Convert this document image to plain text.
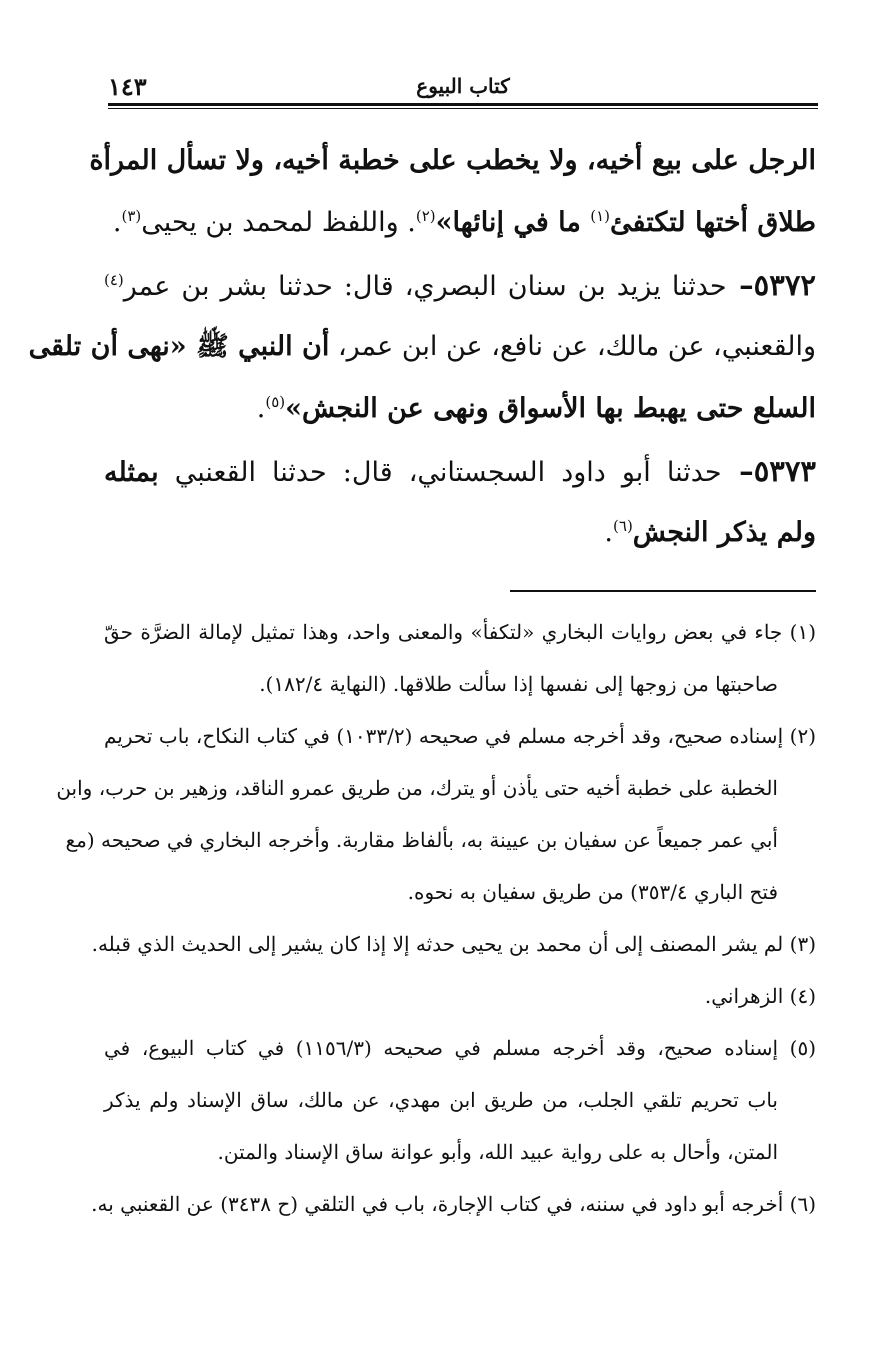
كتاب البيوع
١٤٣
الرجل على بيع أخيه، ولا يخطب على خطبة أخيه، ولا تسأل المرأة
طلاق أختها لتكتفئ$^{(١)}$ ما في إنائها»$^{(٢)}$. واللفظ لمحمد بن يحيى$^{(٣)}$.
٥٣٧٢– حدثنا يزيد بن سنان البصري، قال: حدثنا بشر بن عمر$^{(٤)}$
والقعنبي، عن مالك، عن نافع، عن ابن عمر، أن النبي ﷺ «نهى أن تلقى
السلع حتى يهبط بها الأسواق ونهى عن النجش»$^{(٥)}$.
٥٣٧٣– حدثنا أبو داود السجستاني، قال: حدثنا القعنبي بمثله
ولم يذكر النجش$^{(٦)}$.
(١) جاء في بعض روايات البخاري «لتكفأ» والمعنى واحد، وهذا تمثيل لإمالة الضرَّة حقّ
صاحبتها من زوجها إلى نفسها إذا سألت طلاقها. (النهاية ١٨٢/٤).
(٢) إسناده صحيح، وقد أخرجه مسلم في صحيحه (١٠٣٣/٢) في كتاب النكاح، باب تحريم
الخطبة على خطبة أخيه حتى يأذن أو يترك، من طريق عمرو الناقد، وزهير بن حرب، وابن
أبي عمر جميعاً عن سفيان بن عيينة به، بألفاظ مقاربة. وأخرجه البخاري في صحيحه (مع
فتح الباري ٣٥٣/٤) من طريق سفيان به نحوه.
(٣) لم يشر المصنف إلى أن محمد بن يحيى حدثه إلا إذا كان يشير إلى الحديث الذي قبله.
(٤) الزهراني.
(٥) إسناده صحيح، وقد أخرجه مسلم في صحيحه (١١٥٦/٣) في كتاب البيوع، في
باب تحريم تلقي الجلب، من طريق ابن مهدي، عن مالك، ساق الإسناد ولم يذكر
المتن، وأحال به على رواية عبيد الله، وأبو عوانة ساق الإسناد والمتن.
(٦) أخرجه أبو داود في سننه، في كتاب الإجارة، باب في التلقي (ح ٣٤٣٨) عن القعنبي به.
